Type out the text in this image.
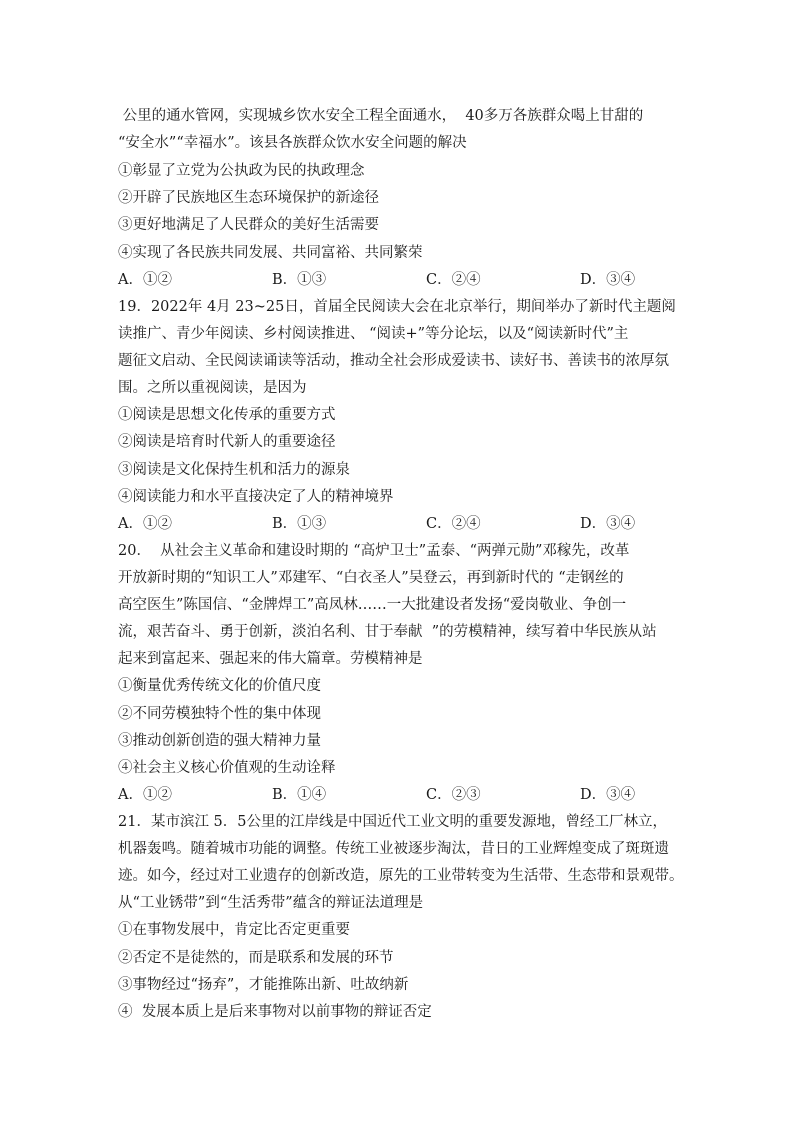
公里的通水管网，实现城乡饮水安全工程全面通水，  40多万各族群众喝上甘甜的
“安全水”“幸福水”。该县各族群众饮水安全问题的解决
①彰显了立党为公执政为民的执政理念
②开辟了民族地区生态环境保护的新途径
③更好地满足了人民群众的美好生活需要
④实现了各民族共同发展、共同富裕、共同繁荣
A．①②	B．①③	C．②④	D．③④
19．2022年 4月 23~25日，首届全民阅读大会在北京举行，期间举办了新时代主题阅
读推广、青少年阅读、乡村阅读推进、 “阅读+”等分论坛，以及“阅读新时代”主
题征文启动、全民阅读诵读等活动，推动全社会形成爱读书、读好书、善读书的浓厚氛
围。之所以重视阅读，是因为
①阅读是思想文化传承的重要方式
②阅读是培育时代新人的重要途径
③阅读是文化保持生机和活力的源泉
④阅读能力和水平直接决定了人的精神境界
A．①②	B．①③	C．②④	D．③④
20．  从社会主义革命和建设时期的 “高炉卫士”孟泰、“两弹元勋”邓稼先，改革
开放新时期的“知识工人”邓建军、“白衣圣人”吴登云，再到新时代的 “走钢丝的
高空医生”陈国信、“金牌焊工”高凤林……一大批建设者发扬“爱岗敬业、争创一
流，艰苦奋斗、勇于创新，淡泊名利、甘于奉献  ”的劳模精神，续写着中华民族从站
起来到富起来、强起来的伟大篇章。劳模精神是
①衡量优秀传统文化的价值尺度
②不同劳模独特个性的集中体现
③推动创新创造的强大精神力量
④社会主义核心价值观的生动诠释
A．①②	B．①④	C．②③	D．③④
21．某市滨江 5．5公里的江岸线是中国近代工业文明的重要发源地，曾经工厂林立，
机器轰鸣。随着城市功能的调整。传统工业被逐步淘汰，昔日的工业辉煌变成了斑斑遗
迹。如今，经过对工业遗存的创新改造，原先的工业带转变为生活带、生态带和景观带。
从“工业锈带”到“生活秀带”蕴含的辩证法道理是
①在事物发展中，肯定比否定更重要
②否定不是徒然的，而是联系和发展的环节
③事物经过“扬弃”，才能推陈出新、吐故纳新
④  发展本质上是后来事物对以前事物的辩证否定
